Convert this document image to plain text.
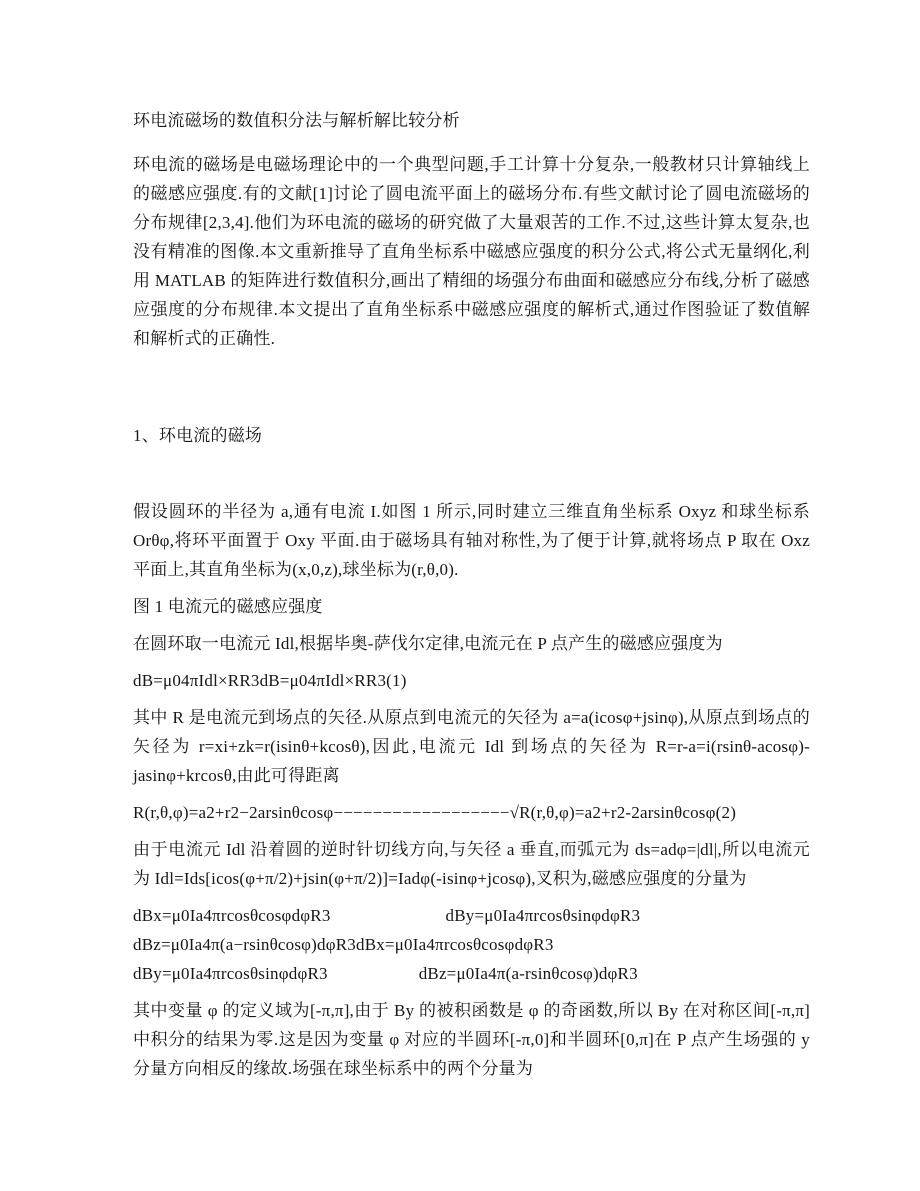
环电流磁场的数值积分法与解析解比较分析

环电流的磁场是电磁场理论中的一个典型问题,手工计算十分复杂,一般教材只计算轴线上的磁感应强度.有的文献[1]讨论了圆电流平面上的磁场分布.有些文献讨论了圆电流磁场的分布规律[2,3,4].他们为环电流的磁场的研究做了大量艰苦的工作.不过,这些计算太复杂,也没有精准的图像.本文重新推导了直角坐标系中磁感应强度的积分公式,将公式无量纲化,利用 MATLAB 的矩阵进行数值积分,画出了精细的场强分布曲面和磁感应分布线,分析了磁感应强度的分布规律.本文提出了直角坐标系中磁感应强度的解析式,通过作图验证了数值解和解析式的正确性.

1、环电流的磁场

假设圆环的半径为 a,通有电流 I.如图 1 所示,同时建立三维直角坐标系 Oxyz 和球坐标系 Orθφ,将环平面置于 Oxy 平面.由于磁场具有轴对称性,为了便于计算,就将场点 P 取在 Oxz 平面上,其直角坐标为(x,0,z),球坐标为(r,θ,0).

图 1 电流元的磁感应强度

在圆环取一电流元 Idl,根据毕奥-萨伐尔定律,电流元在 P 点产生的磁感应强度为

dB=μ04πIdl×RR3dB=μ04πIdl×RR3(1)

其中 R 是电流元到场点的矢径.从原点到电流元的矢径为 a=a(icosφ+jsinφ),从原点到场点的矢径为 r=xi+zk=r(isinθ+kcosθ),因此,电流元 Idl 到场点的矢径为 R=r-a=i(rsinθ-acosφ)-jasinφ+krcosθ,由此可得距离

R(r,θ,φ)=a2+r2−2arsinθcosφ−−−−−−−−−−−−−−−−−−√R(r,θ,φ)=a2+r2-2arsinθcosφ(2)

由于电流元 Idl 沿着圆的逆时针切线方向,与矢径 a 垂直,而弧元为 ds=adφ=|dl|,所以电流元为 Idl=Ids[icos(φ+π/2)+jsin(φ+π/2)]=Iadφ(-isinφ+jcosφ),叉积为,磁感应强度的分量为

dBx=μ0Ia4πrcosθcosφdφR3	dBy=μ0Ia4πrcosθsinφdφR3
dBz=μ0Ia4π(a−rsinθcosφ)dφR3dBx=μ0Ia4πrcosθcosφdφR3
dBy=μ0Ia4πrcosθsinφdφR3	dBz=μ0Ia4π(a-rsinθcosφ)dφR3

其中变量 φ 的定义域为[-π,π],由于 By 的被积函数是 φ 的奇函数,所以 By 在对称区间[-π,π]中积分的结果为零.这是因为变量 φ 对应的半圆环[-π,0]和半圆环[0,π]在 P 点产生场强的 y 分量方向相反的缘故.场强在球坐标系中的两个分量为
